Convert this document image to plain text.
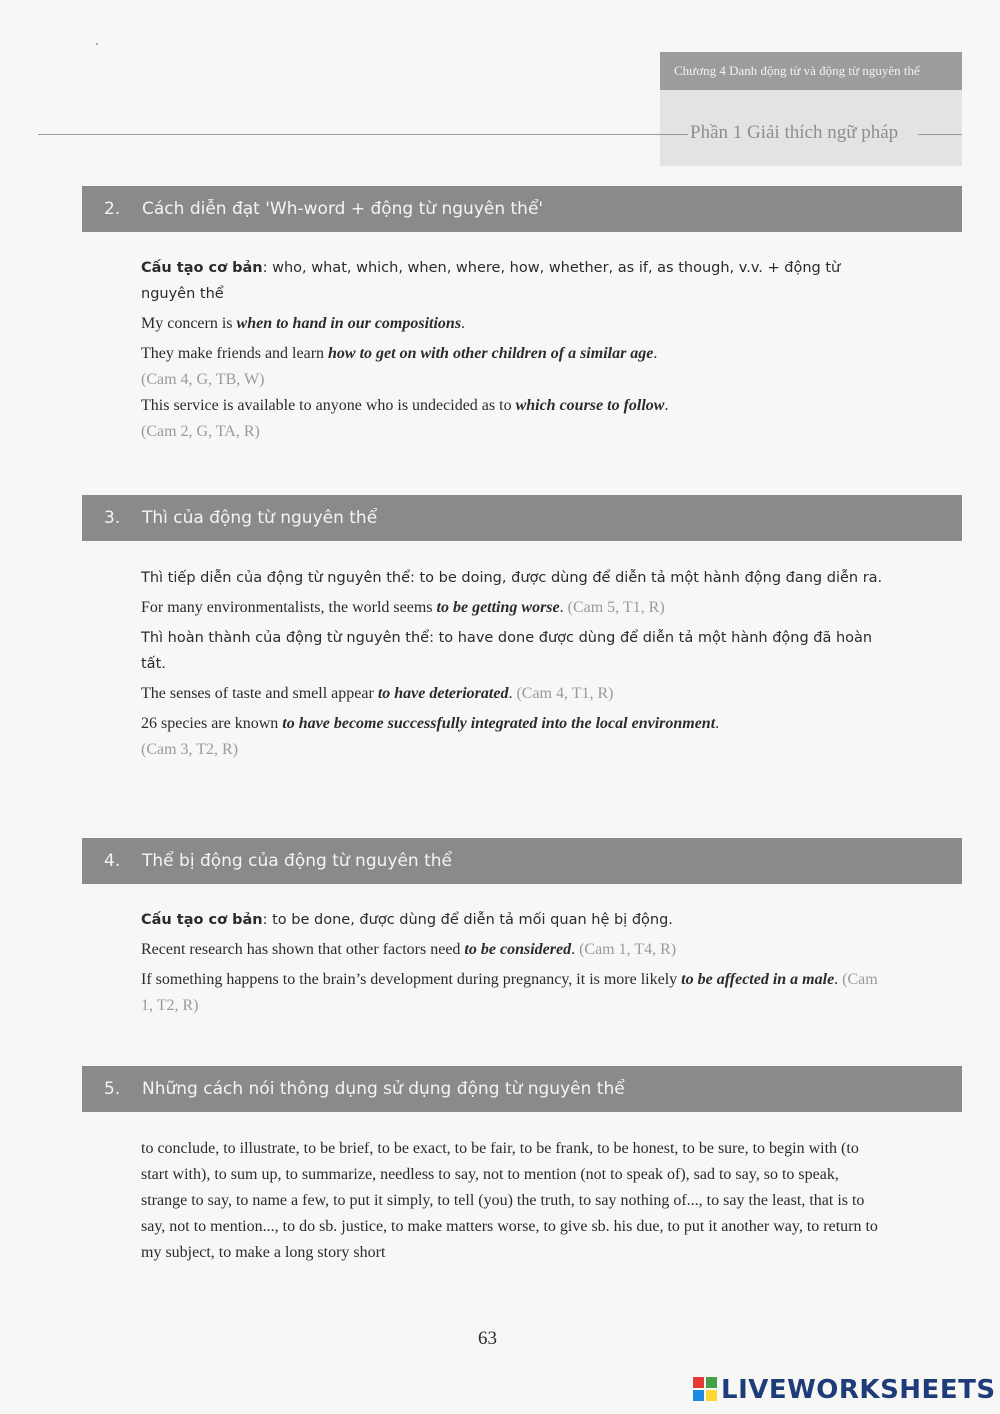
Chương 4 Danh động từ và động từ nguyên thể
Phần 1 Giải thích ngữ pháp
2. Cách diễn đạt 'Wh-word + động từ nguyên thể'

Cấu tạo cơ bản: who, what, which, when, where, how, whether, as if, as though, v.v. + động từ nguyên thể

My concern is when to hand in our compositions.

They make friends and learn how to get on with other children of a similar age.
(Cam 4, G, TB, W)

This service is available to anyone who is undecided as to which course to follow.
(Cam 2, G, TA, R)

3. Thì của động từ nguyên thể

Thì tiếp diễn của động từ nguyên thể: to be doing, được dùng để diễn tả một hành động đang diễn ra.

For many environmentalists, the world seems to be getting worse. (Cam 5, T1, R)

Thì hoàn thành của động từ nguyên thể: to have done được dùng để diễn tả một hành động đã hoàn tất.

The senses of taste and smell appear to have deteriorated. (Cam 4, T1, R)

26 species are known to have become successfully integrated into the local environment.
(Cam 3, T2, R)

4. Thể bị động của động từ nguyên thể

Cấu tạo cơ bản: to be done, được dùng để diễn tả mối quan hệ bị động.

Recent research has shown that other factors need to be considered. (Cam 1, T4, R)

If something happens to the brain’s development during pregnancy, it is more likely to be affected in a male. (Cam 1, T2, R)

5. Những cách nói thông dụng sử dụng động từ nguyên thể

to conclude, to illustrate, to be brief, to be exact, to be fair, to be frank, to be honest, to be sure, to begin with (to start with), to sum up, to summarize, needless to say, not to mention (not to speak of), sad to say, so to speak, strange to say, to name a few, to put it simply, to tell (you) the truth, to say nothing of..., to say the least, that is to say, not to mention..., to do sb. justice, to make matters worse, to give sb. his due, to put it another way, to return to my subject, to make a long story short

63
LIVEWORKSHEETS
